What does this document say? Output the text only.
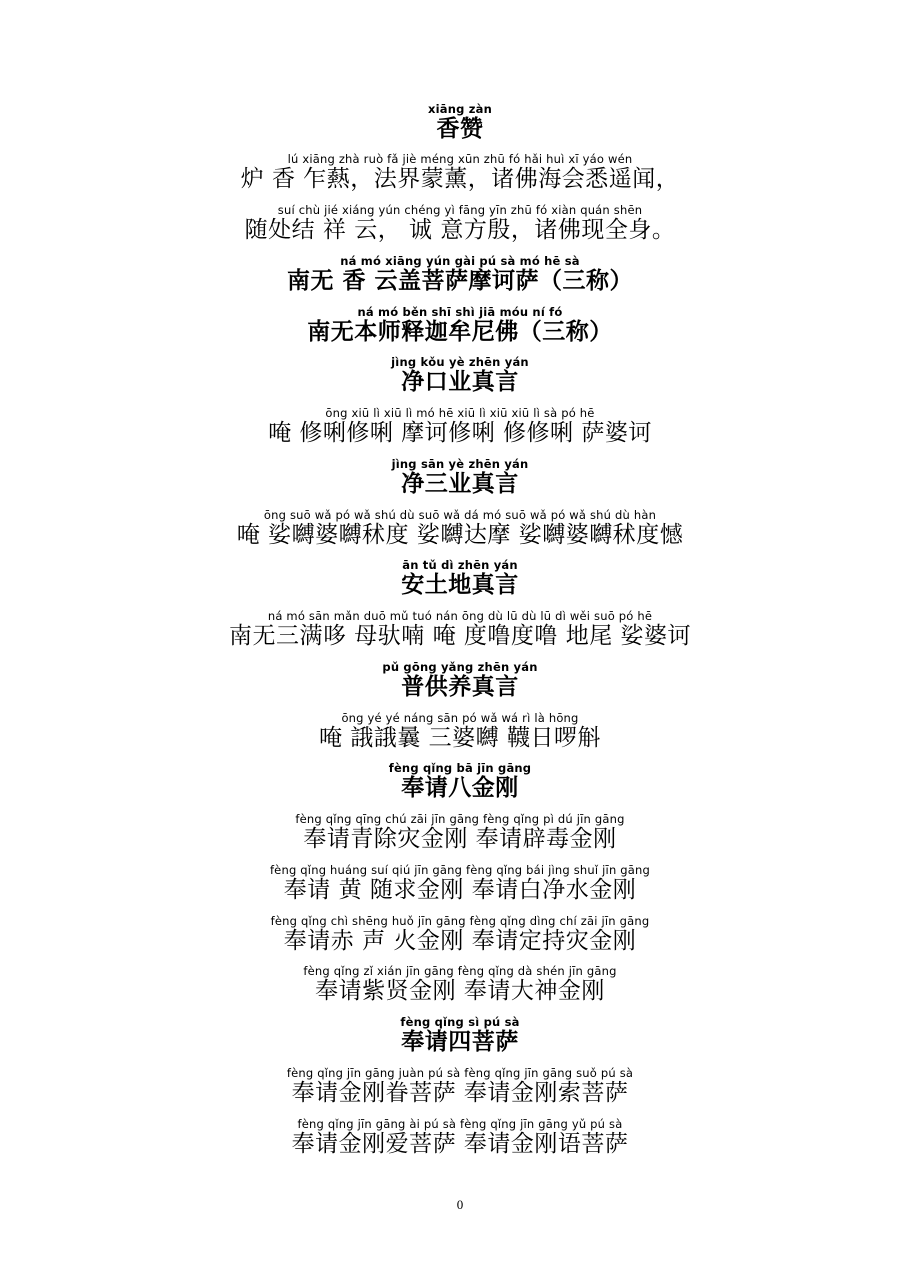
xiāng zàn
香赞
lú xiāng zhà ruò fǎ jiè méng xūn zhū fó hǎi huì xī yáo wén
炉 香 乍爇，法界蒙薰，诸佛海会悉遥闻，
suí chù jié xiáng yún chéng yì fāng yīn zhū fó xiàn quán shēn
随处结 祥 云， 诚 意方殷，诸佛现全身。
ná mó xiāng yún gài pú sà mó hē sà
南无 香 云盖菩萨摩诃萨（三称）
ná mó běn shī shì jiā móu ní fó
南无本师释迦牟尼佛（三称）
jìng kǒu yè zhēn yán
净口业真言
ōng xiū lì xiū lì mó hē xiū lì xiū xiū lì sà pó hē
唵 修唎修唎 摩诃修唎 修修唎 萨婆诃
jìng sān yè zhēn yán
净三业真言
ōng suō wǎ pó wǎ shú dù suō wǎ dá mó suō wǎ pó wǎ shú dù hàn
唵 娑嚩婆嚩秫度 娑嚩达摩 娑嚩婆嚩秫度憾
ān tǔ dì zhēn yán
安土地真言
ná mó sān mǎn duō mǔ tuó nán ōng dù lū dù lū dì wěi suō pó hē
南无三满哆 母驮喃 唵 度噜度噜 地尾 娑婆诃
pǔ gōng yǎng zhēn yán
普供养真言
ōng yé yé náng sān pó wǎ wá rì là hōng
唵 誐誐曩 三婆嚩 韈日啰斛
fèng qǐng bā jīn gāng
奉请八金刚
fèng qǐng qīng chú zāi jīn gāng fèng qǐng pì dú jīn gāng
奉请青除灾金刚 奉请辟毒金刚
fèng qǐng huáng suí qiú jīn gāng fèng qǐng bái jìng shuǐ jīn gāng
奉请 黄 随求金刚 奉请白净水金刚
fèng qǐng chì shēng huǒ jīn gāng fèng qǐng dìng chí zāi jīn gāng
奉请赤 声 火金刚 奉请定持灾金刚
fèng qǐng zǐ xián jīn gāng fèng qǐng dà shén jīn gāng
奉请紫贤金刚 奉请大神金刚
fèng qǐng sì pú sà
奉请四菩萨
fèng qǐng jīn gāng juàn pú sà fèng qǐng jīn gāng suǒ pú sà
奉请金刚眷菩萨 奉请金刚索菩萨
fèng qǐng jīn gāng ài pú sà fèng qǐng jīn gāng yǔ pú sà
奉请金刚爱菩萨 奉请金刚语菩萨
0
